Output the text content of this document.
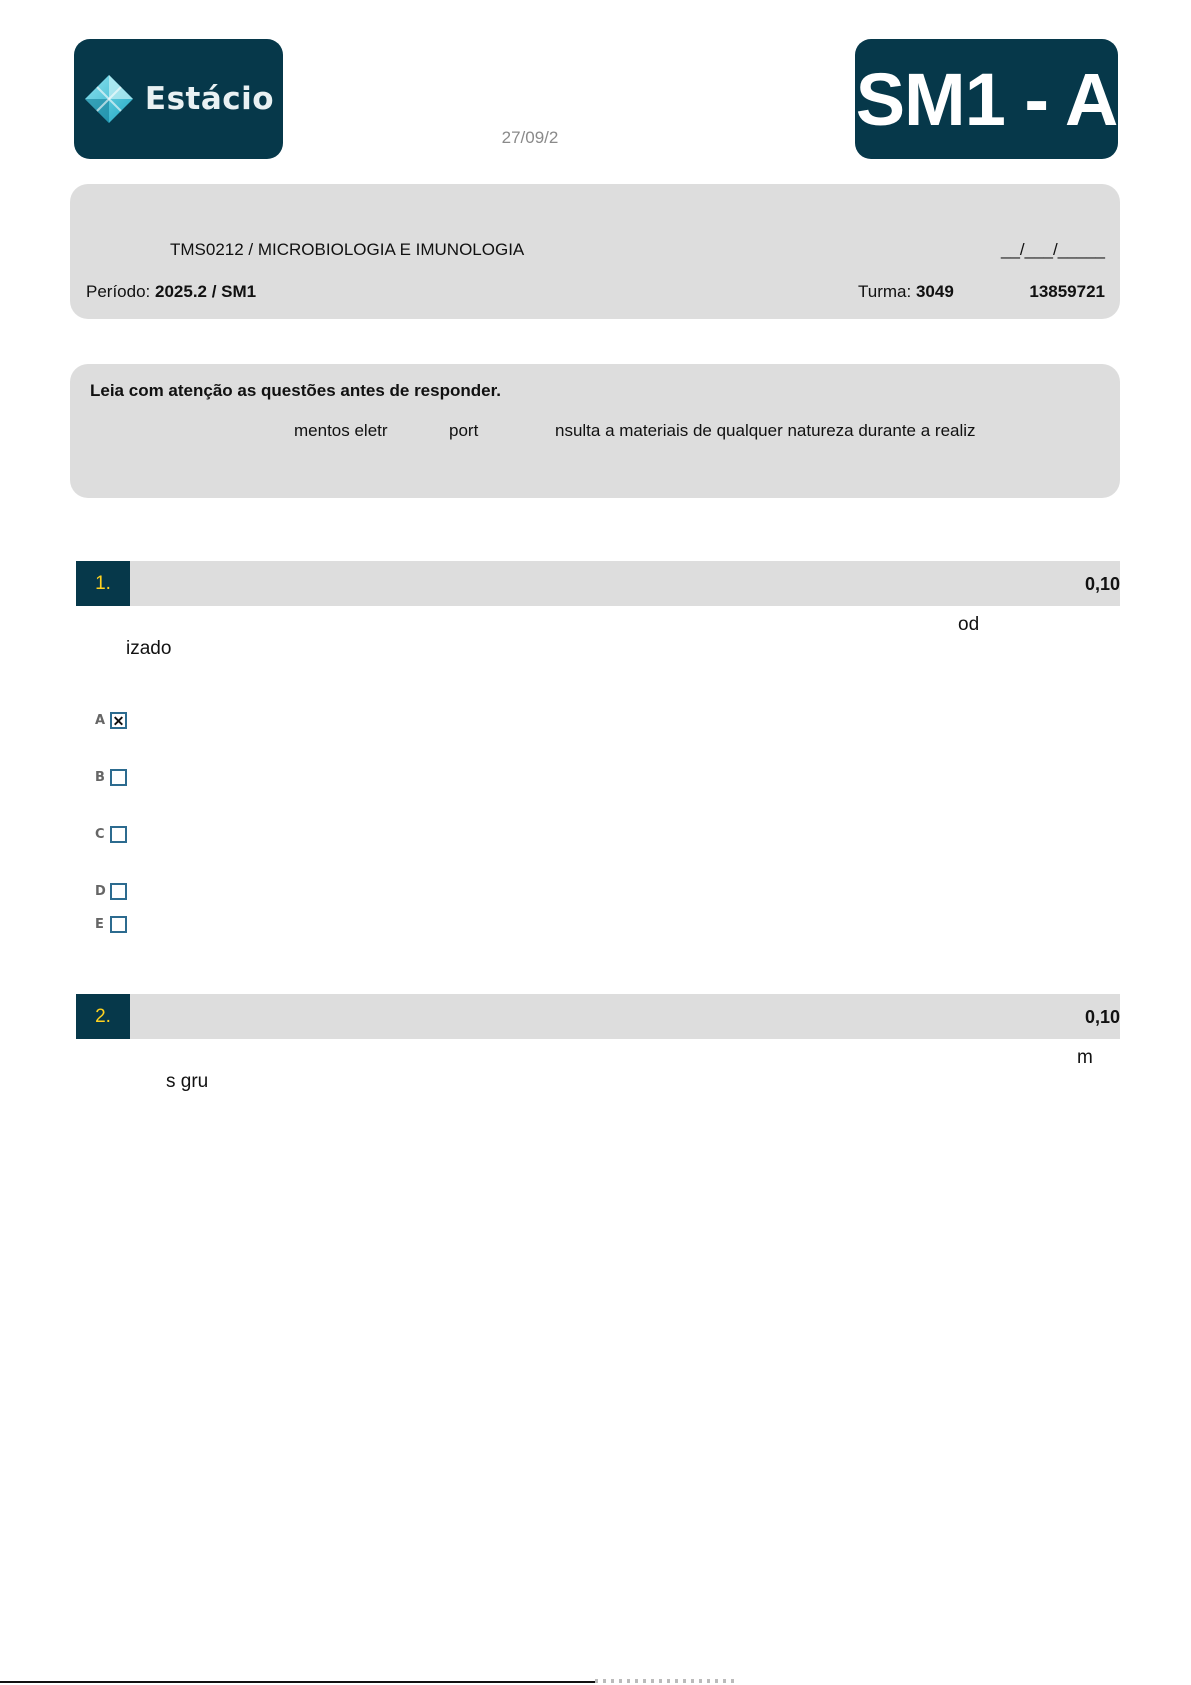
Estácio
27/09/2	SM1 - A
TMS0212 / MICROBIOLOGIA E IMUNOLOGIA	__/___/_____
Período: 2025.2 / SM1	Turma: 3049	13859721
Leia com atenção as questões antes de responder.
mentos eletr	port	nsulta a materiais de qualquer natureza durante a realiz
1.	0,10
od
izado
A ✕
B
C
D
E
2.	0,10
m
s gru
